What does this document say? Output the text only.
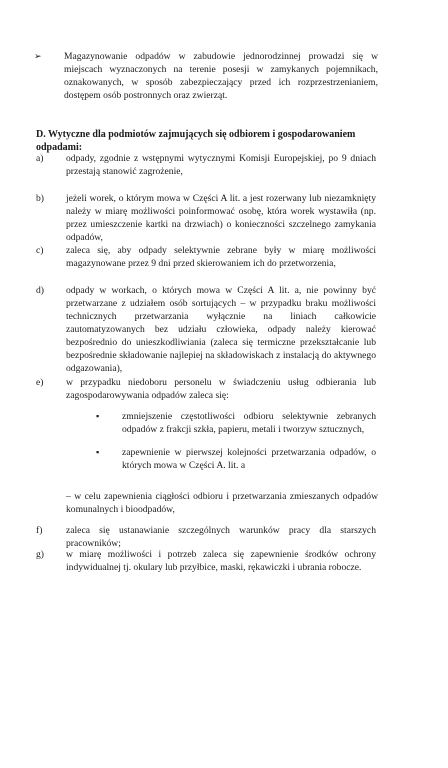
➢ Magazynowanie odpadów w zabudowie jednorodzinnej prowadzi się w miejscach wyznaczonych na terenie posesji w zamykanych pojemnikach, oznakowanych, w sposób zabezpieczający przed ich rozprzestrzenianiem, dostępem osób postronnych oraz zwierząt.
D. Wytyczne dla podmiotów zajmujących się odbiorem i gospodarowaniem odpadami:
a)	odpady, zgodnie z wstępnymi wytycznymi Komisji Europejskiej, po 9 dniach przestają stanowić zagrożenie,
b)	jeżeli worek, o którym mowa w Części A lit. a jest rozerwany lub niezamknięty należy w miarę możliwości poinformować osobę, która worek wystawiła (np. przez umieszczenie kartki na drzwiach) o konieczności szczelnego zamykania odpadów,
c)	zaleca się, aby odpady selektywnie zebrane były w miarę możliwości magazynowane przez 9 dni przed skierowaniem ich do przetworzenia,
d)	odpady w workach, o których mowa w Części A lit. a, nie powinny być przetwarzane z udziałem osób sortujących – w przypadku braku możliwości technicznych przetwarzania wyłącznie na liniach całkowicie zautomatyzowanych bez udziału człowieka, odpady należy kierować bezpośrednio do unieszkodliwiania (zaleca się termiczne przekształcanie lub bezpośrednie składowanie najlepiej na składowiskach z instalacją do aktywnego odgazowania),
e)	w przypadku niedoboru personelu w świadczeniu usług odbierania lub zagospodarowywania odpadów zaleca się:
▪ zmniejszenie częstotliwości odbioru selektywnie zebranych odpadów z frakcji szkła, papieru, metali i tworzyw sztucznych,
▪ zapewnienie w pierwszej kolejności przetwarzania odpadów, o których mowa w Części A. lit. a
– w celu zapewnienia ciągłości odbioru i przetwarzania zmieszanych odpadów komunalnych i bioodpadów,
f)	zaleca się ustanawianie szczególnych warunków pracy dla starszych pracowników;
g)	w miarę możliwości i potrzeb zaleca się zapewnienie środków ochrony indywidualnej tj. okulary lub przyłbice, maski, rękawiczki i ubrania robocze.
